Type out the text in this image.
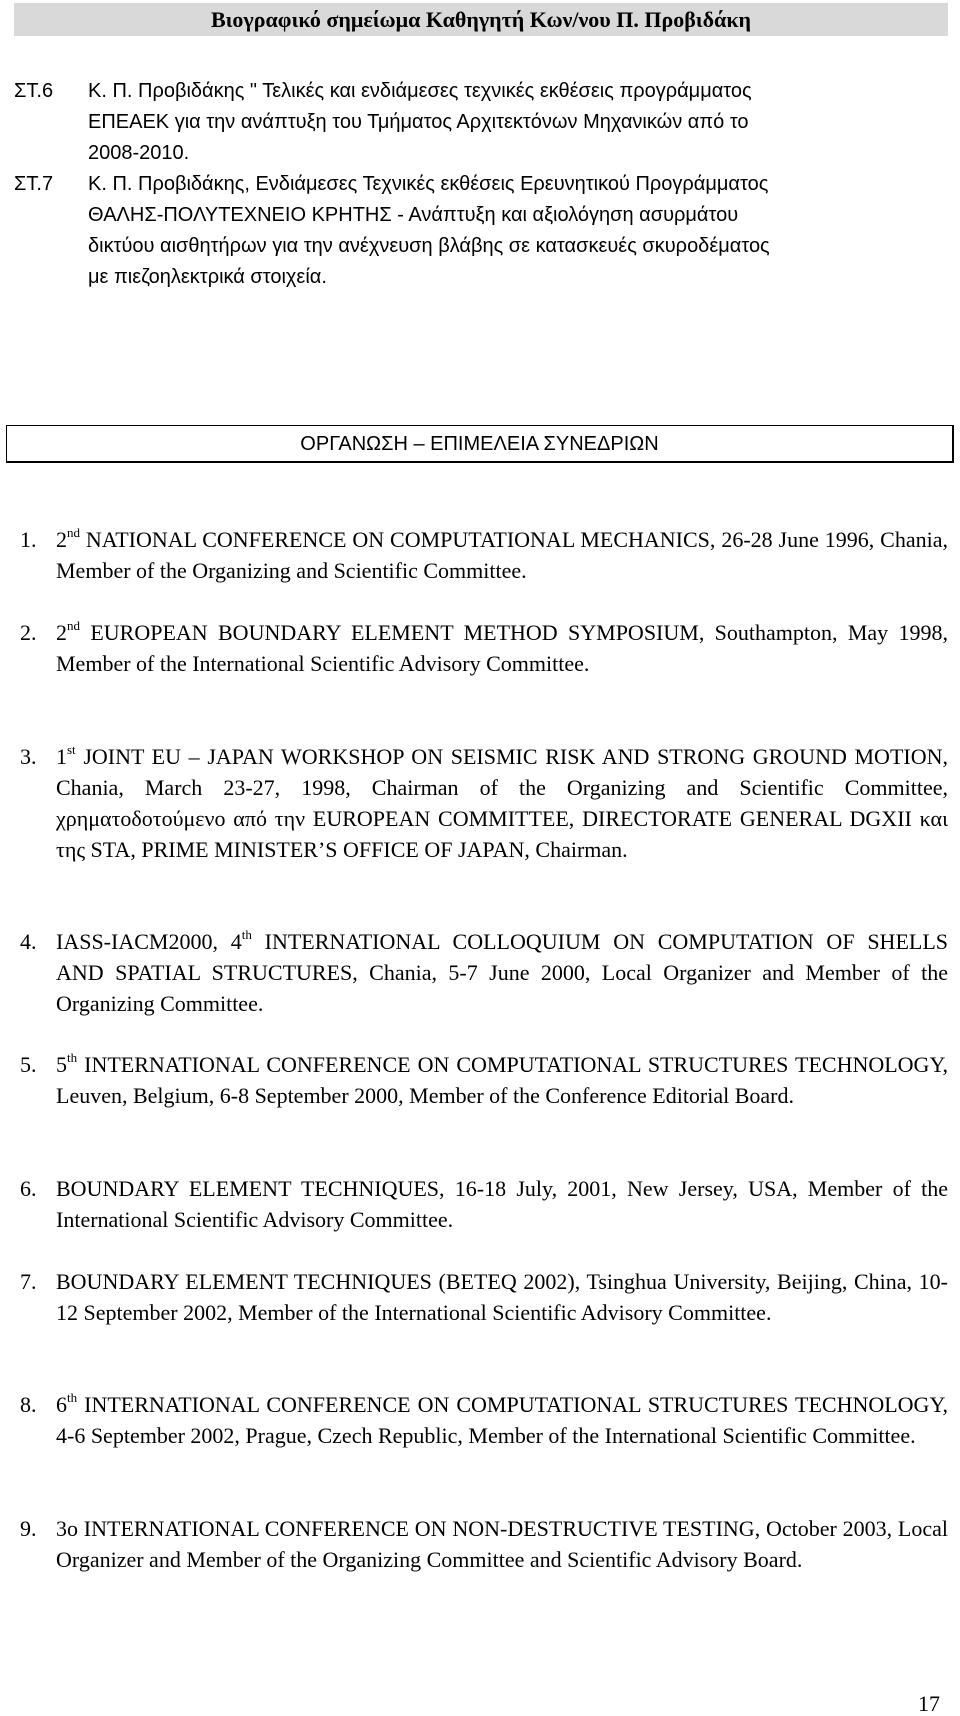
Βιογραφικό σημείωμα Καθηγητή Κων/νου Π. Προβιδάκη
ΣΤ.6	Κ. Π. Προβιδάκης " Τελικές και ενδιάμεσες τεχνικές εκθέσεις προγράμματος
ΕΠΕΑΕΚ για την ανάπτυξη του Τμήματος Αρχιτεκτόνων Μηχανικών από το
2008-2010.
ΣΤ.7	Κ. Π. Προβιδάκης, Ενδιάμεσες Τεχνικές εκθέσεις Ερευνητικού Προγράμματος
ΘΑΛΗΣ-ΠΟΛΥΤΕΧΝΕΙΟ ΚΡΗΤΗΣ - Ανάπτυξη και αξιολόγηση ασυρμάτου
δικτύου αισθητήρων για την ανέχνευση βλάβης σε κατασκευές σκυροδέματος
με πιεζοηλεκτρικά στοιχεία.
ΟΡΓΑΝΩΣΗ – ΕΠΙΜΕΛΕΙΑ ΣΥΝΕΔΡΙΩΝ
1. 2nd NATIONAL CONFERENCE ON COMPUTATIONAL MECHANICS, 26-28 June 1996, Chania, Member of the Organizing and Scientific Committee.
2. 2nd EUROPEAN BOUNDARY ELEMENT METHOD SYMPOSIUM, Southampton, May 1998, Member of the International Scientific Advisory Committee.
3. 1st JOINT EU – JAPAN WORKSHOP ON SEISMIC RISK AND STRONG GROUND MOTION, Chania, March 23-27, 1998, Chairman of the Organizing and Scientific Committee, χρηματοδοτούμενο από την EUROPEAN COMMITTEE, DIRECTORATE GENERAL DGXII και της STA, PRIME MINISTER’S OFFICE OF JAPAN, Chairman.
4. IASS-IACM2000, 4th INTERNATIONAL COLLOQUIUM ON COMPUTATION OF SHELLS AND SPATIAL STRUCTURES, Chania, 5-7 June 2000, Local Organizer and Member of the Organizing Committee.
5. 5th INTERNATIONAL CONFERENCE ON COMPUTATIONAL STRUCTURES TECHNOLOGY, Leuven, Belgium, 6-8 September 2000, Member of the Conference Editorial Board.
6. BOUNDARY ELEMENT TECHNIQUES, 16-18 July, 2001, New Jersey, USA, Member of the International Scientific Advisory Committee.
7. BOUNDARY ELEMENT TECHNIQUES (BETEQ 2002), Tsinghua University, Beijing, China, 10-12 September 2002, Member of the International Scientific Advisory Committee.
8. 6th INTERNATIONAL CONFERENCE ON COMPUTATIONAL STRUCTURES TECHNOLOGY, 4-6 September 2002, Prague, Czech Republic, Member of the International Scientific Committee.
9. 3o INTERNATIONAL CONFERENCE ON NON-DESTRUCTIVE TESTING, October 2003, Local Organizer and Member of the Organizing Committee and Scientific Advisory Board.
17
